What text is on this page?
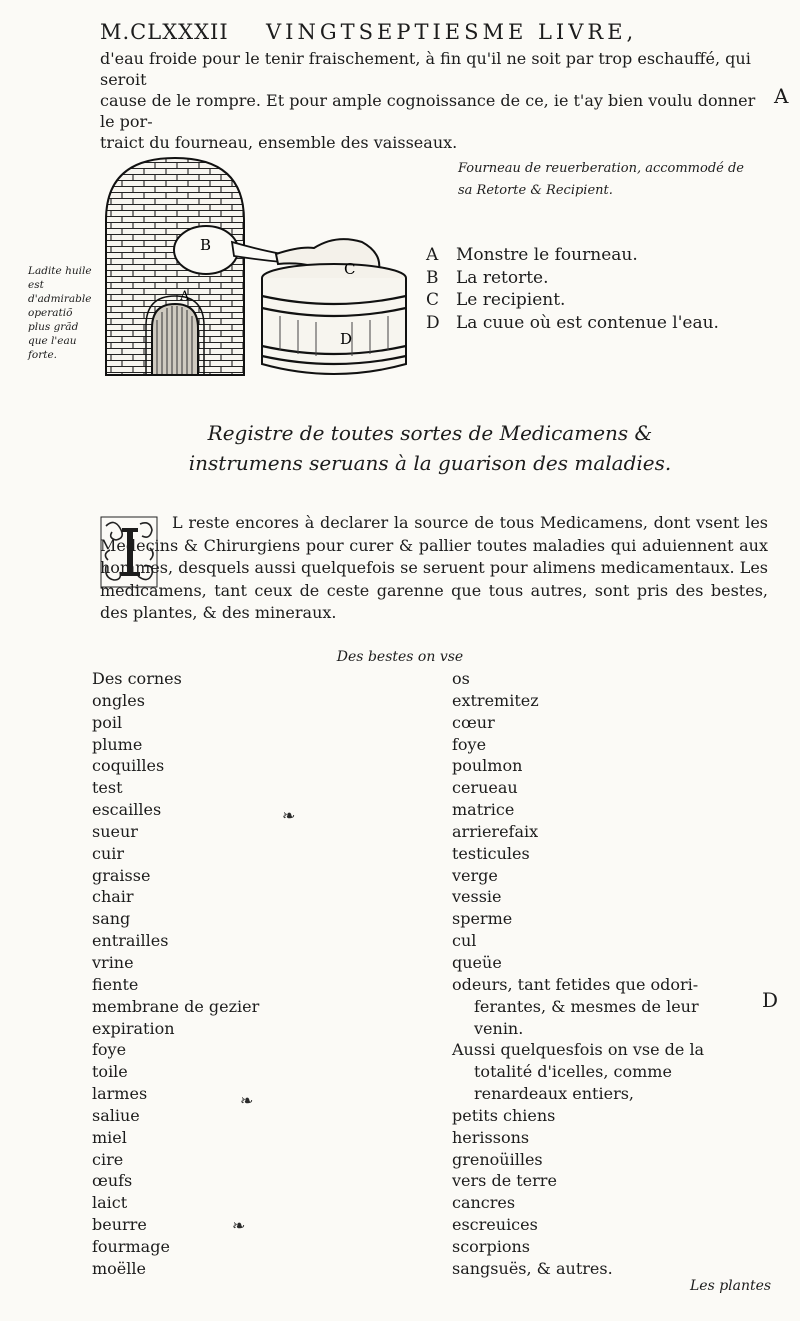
M.CLXXXII VINGTSEPTIESME LIVRE,
d'eau froide pour le tenir fraischement, à fin qu'il ne soit par trop eschauffé, qui seroit
cause de le rompre. Et pour ample cognoissance de ce, ie t'ay bien voulu donner le por-
traict du fourneau, ensemble des vaisseaux.
A
Ladite huile est d'admirable operatiõ plus grãd que l'eau forte.
B
C
A
D
Fourneau de reuerberation, accommodé de sa Retorte & Recipient.
A	Monstre le fourneau.
B	La retorte.
C Le recipient.
D La cuue où est contenue l'eau.
Registre de toutes sortes de Medicamens & instrumens seruans à la guarison des maladies.
L reste encores à declarer la source de tous Medicamens, dont vsent les Medecins & Chirurgiens pour curer & pallier toutes maladies qui aduiennent aux hommes, desquels aussi quelquefois se seruent pour alimens medicamentaux. Les medicamens, tant ceux de ceste garenne que tous autres, sont pris des bestes, des plantes, & des mineraux.
Des bestes on vse
Des cornes
ongles
poil
plume
coquilles
test
escailles
sueur
cuir
graisse
chair
sang
entrailles
vrine
fiente
membrane de gezier
expiration
foye
toile
larmes
saliue
miel
cire
œufs
laict
beurre
fourmage
moëlle
os
extremitez
cœur
foye
poulmon
cerueau
matrice
arrierefaix
testicules
verge
vessie
sperme
cul
queüe
odeurs, tant fetides que odori-
ferantes, & mesmes de leur
venin.
Aussi quelquesfois on vse de la
totalité d'icelles, comme
renardeaux entiers,
petits chiens
herissons
grenoüilles
vers de terre
cancres
escreuices
scorpions
sangsuës, & autres.
D
❧
❧
❧
Les plantes
